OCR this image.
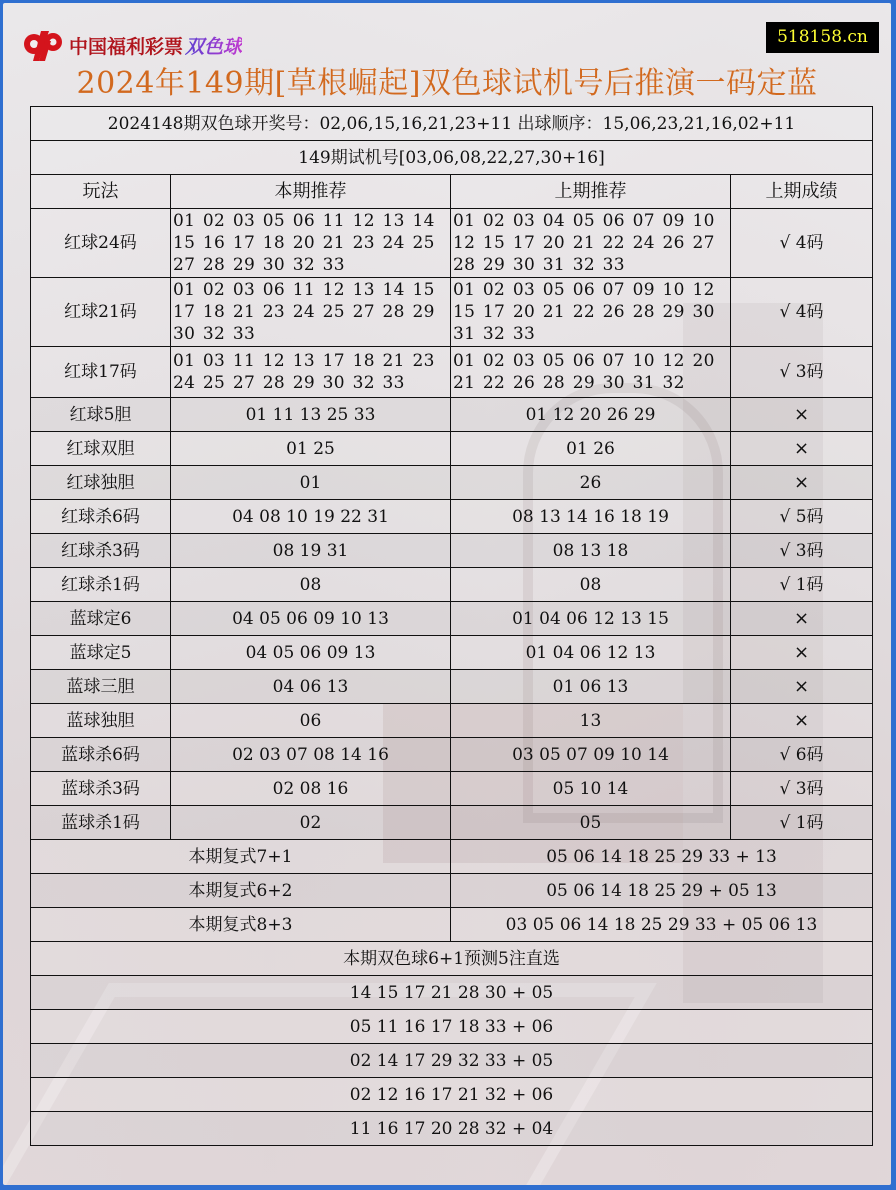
中国福利彩票 双色球	518158.cn
2024年149期[草根崛起]双色球试机号后推演一码定蓝
2024148期双色球开奖号：02,06,15,16,21,23+11 出球顺序：15,06,23,21,16,02+11			
149期试机号[03,06,08,22,27,30+16]			
玩法	本期推荐	上期推荐	上期成绩
红球24码	01 02 03 05 06 11 12 13 14 15 16 17 18 20 21 23 24 25 27 28 29 30 32 33	01 02 03 04 05 06 07 09 10 12 15 17 20 21 22 24 26 27 28 29 30 31 32 33	√ 4码
红球21码	01 02 03 06 11 12 13 14 15 17 18 21 23 24 25 27 28 29 30 32 33	01 02 03 05 06 07 09 10 12 15 17 20 21 22 26 28 29 30 31 32 33	√ 4码
红球17码	01 03 11 12 13 17 18 21 23 24 25 27 28 29 30 32 33	01 02 03 05 06 07 10 12 20 21 22 26 28 29 30 31 32	√ 3码
红球5胆	01 11 13 25 33	01 12 20 26 29	×
红球双胆	01 25	01 26	×
红球独胆	01	26	×
红球杀6码	04 08 10 19 22 31	08 13 14 16 18 19	√ 5码
红球杀3码	08 19 31	08 13 18	√ 3码
红球杀1码	08	08	√ 1码
蓝球定6	04 05 06 09 10 13	01 04 06 12 13 15	×
蓝球定5	04 05 06 09 13	01 04 06 12 13	×
蓝球三胆	04 06 13	01 06 13	×
蓝球独胆	06	13	×
蓝球杀6码	02 03 07 08 14 16	03 05 07 09 10 14	√ 6码
蓝球杀3码	02 08 16	05 10 14	√ 3码
蓝球杀1码	02	05	√ 1码
本期复式7+1		05 06 14 18 25 29 33 + 13	
本期复式6+2		05 06 14 18 25 29 + 05 13	
本期复式8+3		03 05 06 14 18 25 29 33 + 05 06 13	
本期双色球6+1预测5注直选			
14 15 17 21 28 30 + 05			
05 11 16 17 18 33 + 06			
02 14 17 29 32 33 + 05			
02 12 16 17 21 32 + 06			
11 16 17 20 28 32 + 04			
